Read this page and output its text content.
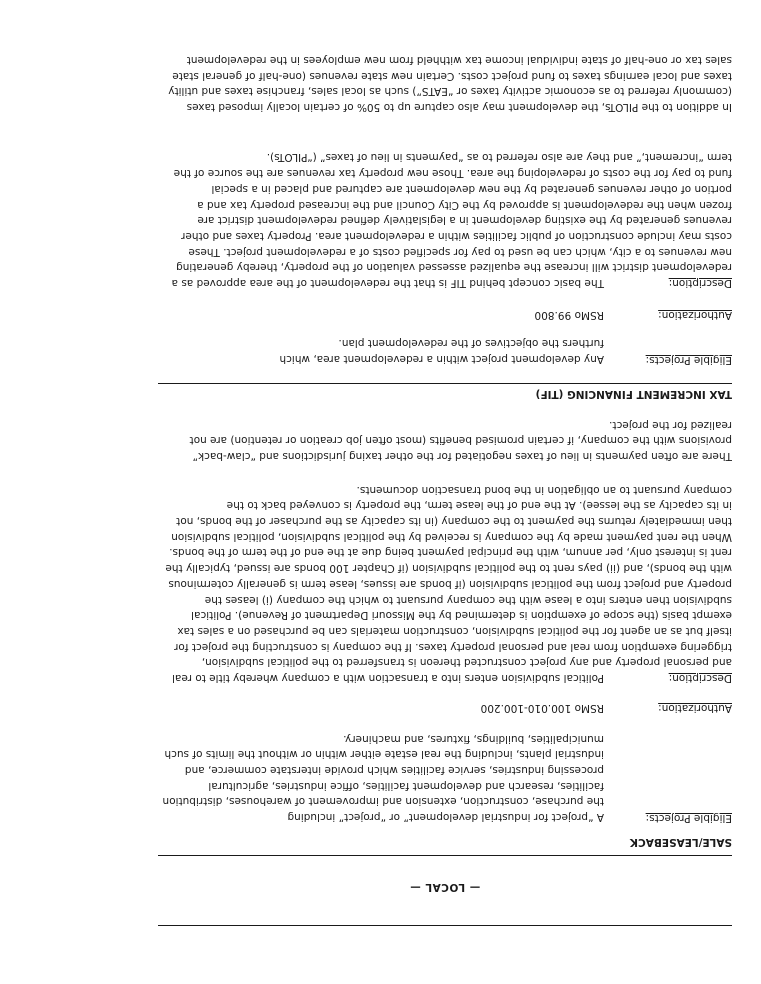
— LOCAL —
SALE/LEASEBACK
Eligible Projects:
A “project for industrial development” or “project” including
the purchase, construction, extension and improvement of warehouses, distribution
facilities, research and development facilities, office industries, agricultural
processing industries, service facilities which provide interstate commerce, and
industrial plants, including the real estate either within or without the limits of such
municipalities, buildings, fixtures, and machinery.
Authorization:
RSMo 100.010-100.200
Description:Political subdivision enters into a transaction with a company whereby title to real
and personal property and any project constructed thereon is transferred to the political subdivision,
triggering exemption from real and personal property taxes. If the company is constructing the project for
itself but as an agent for the political subdivision, construction materials can be purchased on a sales tax
exempt basis (the scope of exemption is determined by the Missouri Department of Revenue). Political
subdivision then enters into a lease with the company pursuant to which the company (i) leases the
property and project from the political subdivision (if bonds are issues, lease term is generally coterminous
with the bonds), and (ii) pays rent to the political subdivision (if Chapter 100 bonds are issued, typically the
rent is interest only, per annum, with the principal payment being due at the end of the term of the bonds.
When the rent payment made by the company is received by the political subdivision, political subdivision
then immediately returns the payment to the company (in its capacity as the purchaser of the bonds, not
in its capacity as the lessee). At the end of the lease term, the property is conveyed back to the
company pursuant to an obligation in the bond transaction documents.
There are often payments in lieu of taxes negotiated for the other taxing jurisdictions and “claw-back”
provisions with the company, if certain promised benefits (most often job creation or retention) are not
realized for the project.
TAX INCREMENT FINANCING (TIF)
Eligible Projects:
Any development project within a redevelopment area, which
furthers the objectives of the redevelopment plan.
Authorization:
RSMo 99.800
Description:The basic concept behind TIF is that the redevelopment of the area approved as a
redevelopment district will increase the equalized assessed valuation of the property, thereby generating
new revenues to a city, which can be used to pay for specified costs of a redevelopment project. These
costs may include construction of public facilities within a redevelopment area. Property taxes and other
revenues generated by the existing development in a legislatively defined redevelopment district are
frozen when the redevelopment is approved by the City Council and the increased property tax and a
portion of other revenues generated by the new development are captured and placed in a special
fund to pay for the costs of redeveloping the area. Those new property tax revenues are the source of the
term “increment,” and they are also referred to as “payments in lieu of taxes” (“PILOTs).
In addition to the PILOTs, the development may also capture up to 50% of certain locally imposed taxes
(commonly referred to as economic activity taxes or “EATS”) such as local sales, franchise taxes and utility
taxes and local earnings taxes to fund project costs. Certain new state revenues (one-half of general state
sales tax or one-half of state individual income tax withheld from new employees in the redevelopment
